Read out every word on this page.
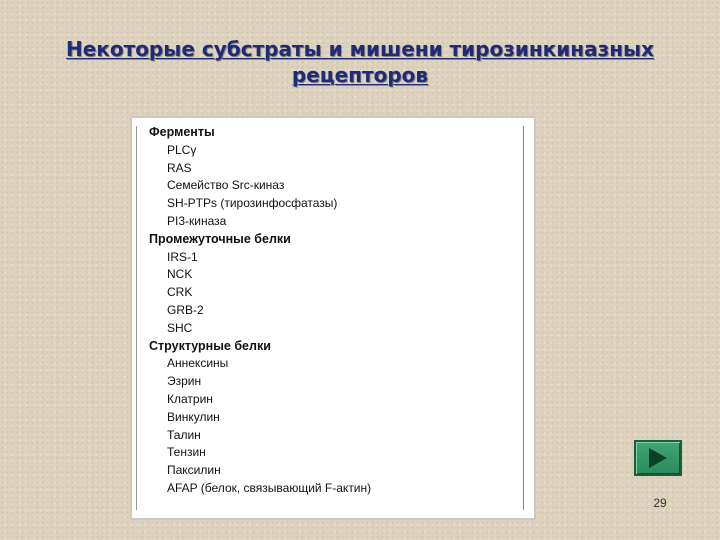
Некоторые субстраты и мишени тирозинкиназных рецепторов
Ферменты
PLCγ
RAS
Семейство Src-киназ
SH-PTPs (тирозинфосфатазы)
PI3-киназа
Промежуточные белки
IRS-1
NCK
CRK
GRB-2
SHC
Структурные белки
Аннексины
Эзрин
Клатрин
Винкулин
Талин
Тензин
Паксилин
AFAP (белок, связывающий F-актин)
29
